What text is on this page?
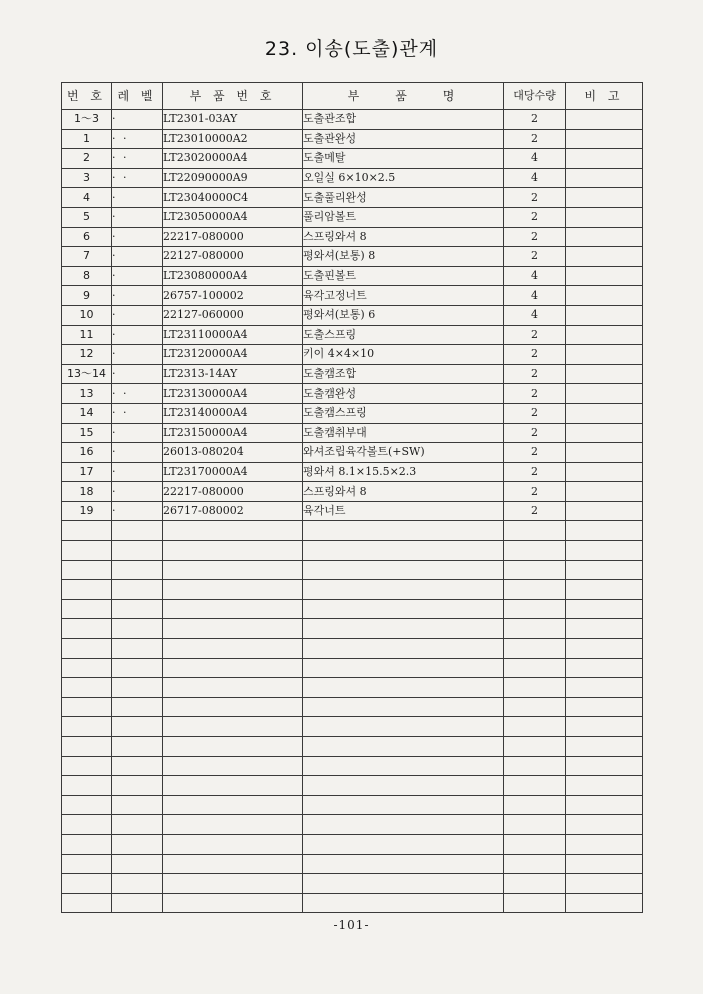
23. 이송(도출)관계
번 호	레 벨	부 품 번 호	부　　품　　명	대당수량	비 고
1～3	·	LT2301-03AY	도출관조합	2	
1	· ·	LT23010000A2	도출관완성	2	
2	· ·	LT23020000A4	도출메탈	4	
3	· ·	LT22090000A9	오일실 6×10×2.5	4	
4	·	LT23040000C4	도출풀리완성	2	
5	·	LT23050000A4	풀리암볼트	2	
6	·	22217-080000	스프링와셔 8	2	
7	·	22127-080000	평와셔(보통) 8	2	
8	·	LT23080000A4	도출핀볼트	4	
9	·	26757-100002	육각고정너트	4	
10	·	22127-060000	평와셔(보통) 6	4	
11	·	LT23110000A4	도출스프링	2	
12	·	LT23120000A4	키이 4×4×10	2	
13～14	·	LT2313-14AY	도출캠조합	2	
13	· ·	LT23130000A4	도출캠완성	2	
14	· ·	LT23140000A4	도출캠스프링	2	
15	·	LT23150000A4	도출캠취부대	2	
16	·	26013-080204	와셔조립육각볼트(+SW)	2	
17	·	LT23170000A4	평와셔 8.1×15.5×2.3	2	
18	·	22217-080000	스프링와셔 8	2	
19	·	26717-080002	육각너트	2	

-101-
